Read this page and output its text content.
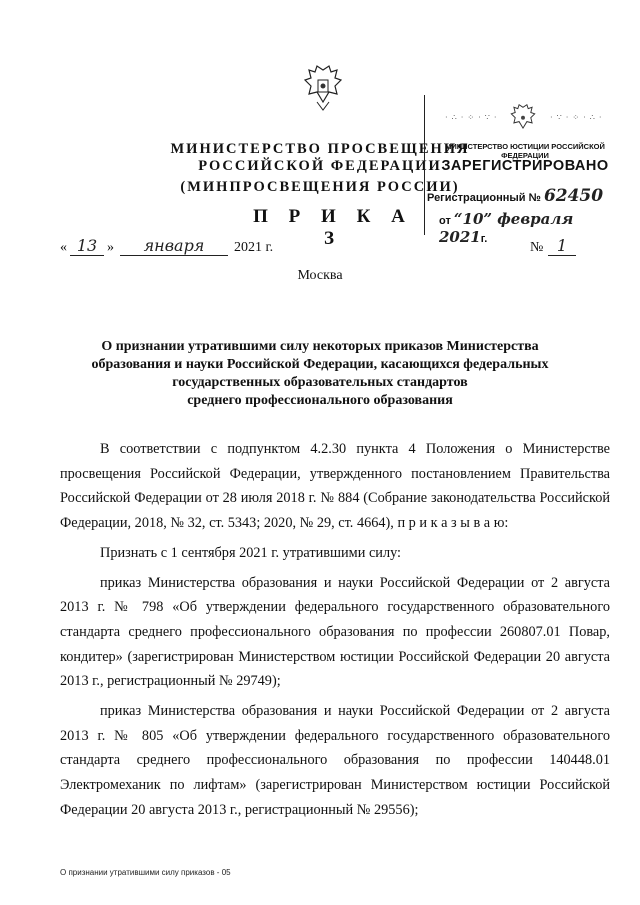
МИНИСТЕРСТВО ПРОСВЕЩЕНИЯ
РОССИЙСКОЙ ФЕДЕРАЦИИ
(МИНПРОСВЕЩЕНИЯ РОССИИ)
· ∴ · ⁘ · ∵ ·	· ∵ · ⁘ · ∴ ·
МИНИСТЕРСТВО ЮСТИЦИИ РОССИЙСКОЙ ФЕДЕРАЦИИ
ЗАРЕГИСТРИРОВАНО
Регистрационный № 62450
от “10” февраля 2021г.
П Р И К А З
« 13 »	января	2021 г.	№ 1
Москва
О признании утратившими силу некоторых приказов Министерства
образования и науки Российской Федерации, касающихся федеральных
государственных образовательных стандартов
среднего профессионального образования

В соответствии с подпунктом 4.2.30 пункта 4 Положения о Министерстве просвещения Российской Федерации, утвержденного постановлением Правительства Российской Федерации от 28 июля 2018 г. № 884 (Собрание законодательства Российской Федерации, 2018, № 32, ст. 5343; 2020, № 29, ст. 4664), п р и к а з ы в а ю:

Признать с 1 сентября 2021 г. утратившими силу:

приказ Министерства образования и науки Российской Федерации от 2 августа 2013 г. № 798 «Об утверждении федерального государственного образовательного стандарта среднего профессионального образования по профессии 260807.01 Повар, кондитер» (зарегистрирован Министерством юстиции Российской Федерации 20 августа 2013 г., регистрационный № 29749);

приказ Министерства образования и науки Российской Федерации от 2 августа 2013 г. № 805 «Об утверждении федерального государственного образовательного стандарта среднего профессионального образования по профессии 140448.01 Электромеханик по лифтам» (зарегистрирован Министерством юстиции Российской Федерации 20 августа 2013 г., регистрационный № 29556);

О признании утратившими силу приказов - 05
